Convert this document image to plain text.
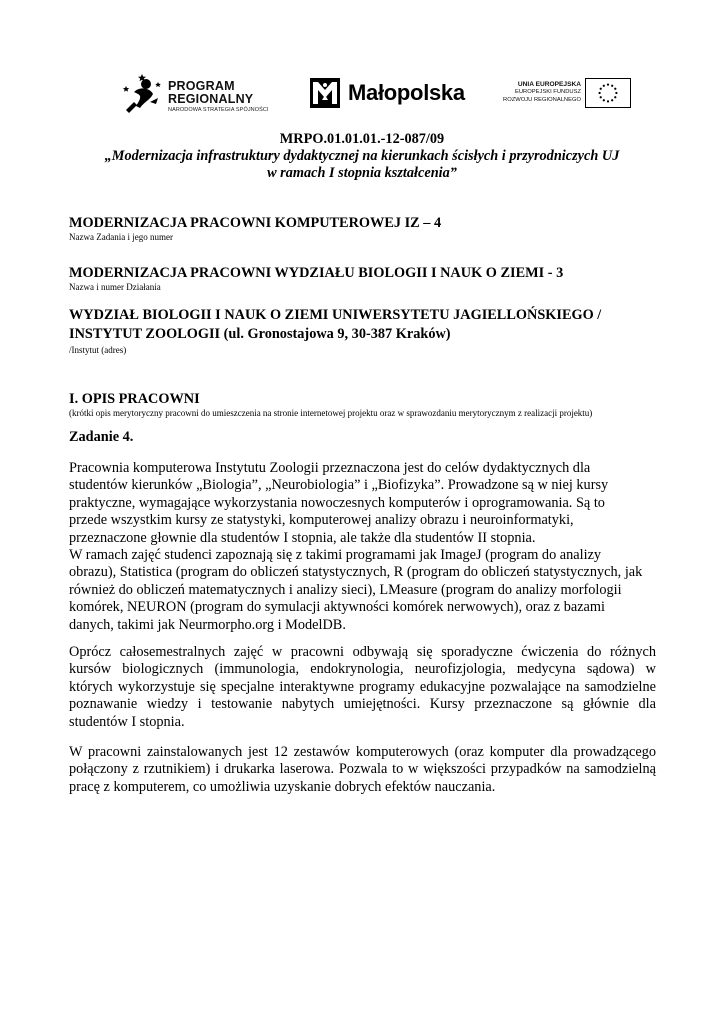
PROGRAM
REGIONALNY
NARODOWA STRATEGIA SPÓJNOŚCI
Małopolska	UNIA EUROPEJSKA
EUROPEJSKI FUNDUSZ
ROZWOJU REGIONALNEGO
MRPO.01.01.01.-12-087/09
„Modernizacja infrastruktury dydaktycznej na kierunkach ścisłych i przyrodniczych UJ
w ramach I stopnia kształcenia”
MODERNIZACJA PRACOWNI KOMPUTEROWEJ IZ – 4
Nazwa Zadania i jego numer
MODERNIZACJA PRACOWNI WYDZIAŁU BIOLOGII I NAUK O ZIEMI - 3
Nazwa i numer Działania
WYDZIAŁ BIOLOGII I NAUK O ZIEMI UNIWERSYTETU JAGIELLOŃSKIEGO /
INSTYTUT ZOOLOGII (ul. Gronostajowa 9, 30-387 Kraków)
/Instytut (adres)
I. OPIS PRACOWNI
(krótki opis merytoryczny pracowni do umieszczenia na stronie internetowej projektu oraz w sprawozdaniu merytorycznym z realizacji projektu)
Zadanie 4.
Pracownia komputerowa Instytutu Zoologii przeznaczona jest do celów dydaktycznych dla
studentów kierunków „Biologia”, „Neurobiologia” i „Biofizyka”. Prowadzone są w niej kursy
praktyczne, wymagające wykorzystania nowoczesnych komputerów i oprogramowania. Są to
przede wszystkim kursy ze statystyki, komputerowej analizy obrazu i neuroinformatyki,
przeznaczone głownie dla studentów I stopnia, ale także dla studentów II stopnia.
W ramach zajęć studenci zapoznają się z takimi programami jak ImageJ (program do analizy
obrazu), Statistica (program do obliczeń statystycznych, R (program do obliczeń statystycznych, jak
również do obliczeń matematycznych i analizy sieci), LMeasure (program do analizy morfologii
komórek, NEURON (program do symulacji aktywności komórek nerwowych), oraz z bazami
danych, takimi jak Neurmorpho.org i ModelDB.
Oprócz całosemestralnych zajęć w pracowni odbywają się sporadyczne ćwiczenia do różnych
kursów biologicznych (immunologia, endokrynologia, neurofizjologia, medycyna sądowa) w
których wykorzystuje się specjalne interaktywne programy edukacyjne pozwalające na samodzielne
poznawanie wiedzy i testowanie nabytych umiejętności. Kursy przeznaczone są głównie dla
studentów I stopnia.
W pracowni zainstalowanych jest 12 zestawów komputerowych (oraz komputer dla prowadzącego
połączony z rzutnikiem) i drukarka laserowa. Pozwala to w większości przypadków na samodzielną
pracę z komputerem, co umożliwia uzyskanie dobrych efektów nauczania.
